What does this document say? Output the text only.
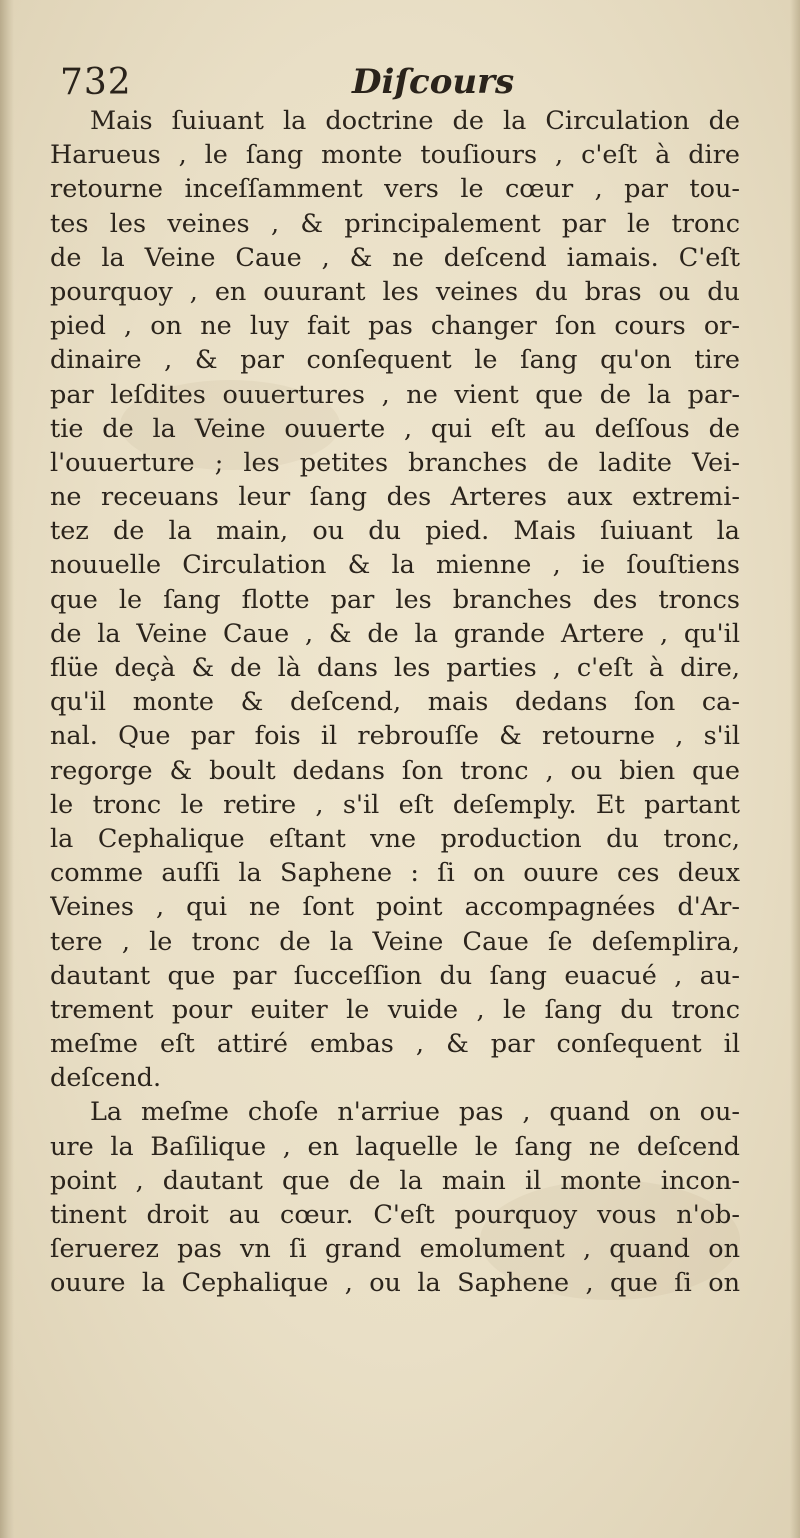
732	Diſcours
Mais ſuiuant la doctrine de la Circulation de
Harueus , le ſang monte touſiours , c'eſt à dire
retourne inceſſamment vers le cœur , par tou-
tes les veines , & principalement par le tronc
de la Veine Caue , & ne deſcend iamais. C'eſt
pourquoy , en ouurant les veines du bras ou du
pied , on ne luy fait pas changer ſon cours or-
dinaire , & par conſequent le ſang qu'on tire
par leſdites ouuertures , ne vient que de la par-
tie de la Veine ouuerte , qui eſt au deſſous de
l'ouuerture ; les petites branches de ladite Vei-
ne receuans leur ſang des Arteres aux extremi-
tez de la main, ou du pied. Mais ſuiuant la
nouuelle Circulation & la mienne , ie ſouſtiens
que le ſang flotte par les branches des troncs
de la Veine Caue , & de la grande Artere , qu'il
flüe deçà & de là dans les parties , c'eſt à dire,
qu'il monte & deſcend, mais dedans ſon ca-
nal. Que par fois il rebrouſſe & retourne , s'il
regorge & boult dedans ſon tronc , ou bien que
le tronc le retire , s'il eſt deſemply. Et partant
la Cephalique eſtant vne production du tronc,
comme auſſi la Saphene : ſi on ouure ces deux
Veines , qui ne ſont point accompagnées d'Ar-
tere , le tronc de la Veine Caue ſe deſemplira,
dautant que par ſucceſſion du ſang euacué , au-
trement pour euiter le vuide , le ſang du tronc
meſme eſt attiré embas , & par conſequent il
deſcend.
La meſme choſe n'arriue pas , quand on ou-
ure la Baſilique , en laquelle le ſang ne deſcend
point , dautant que de la main il monte incon-
tinent droit au cœur. C'eſt pourquoy vous n'ob-
ſeruerez pas vn ſi grand emolument , quand on
ouure la Cephalique , ou la Saphene , que ſi on
